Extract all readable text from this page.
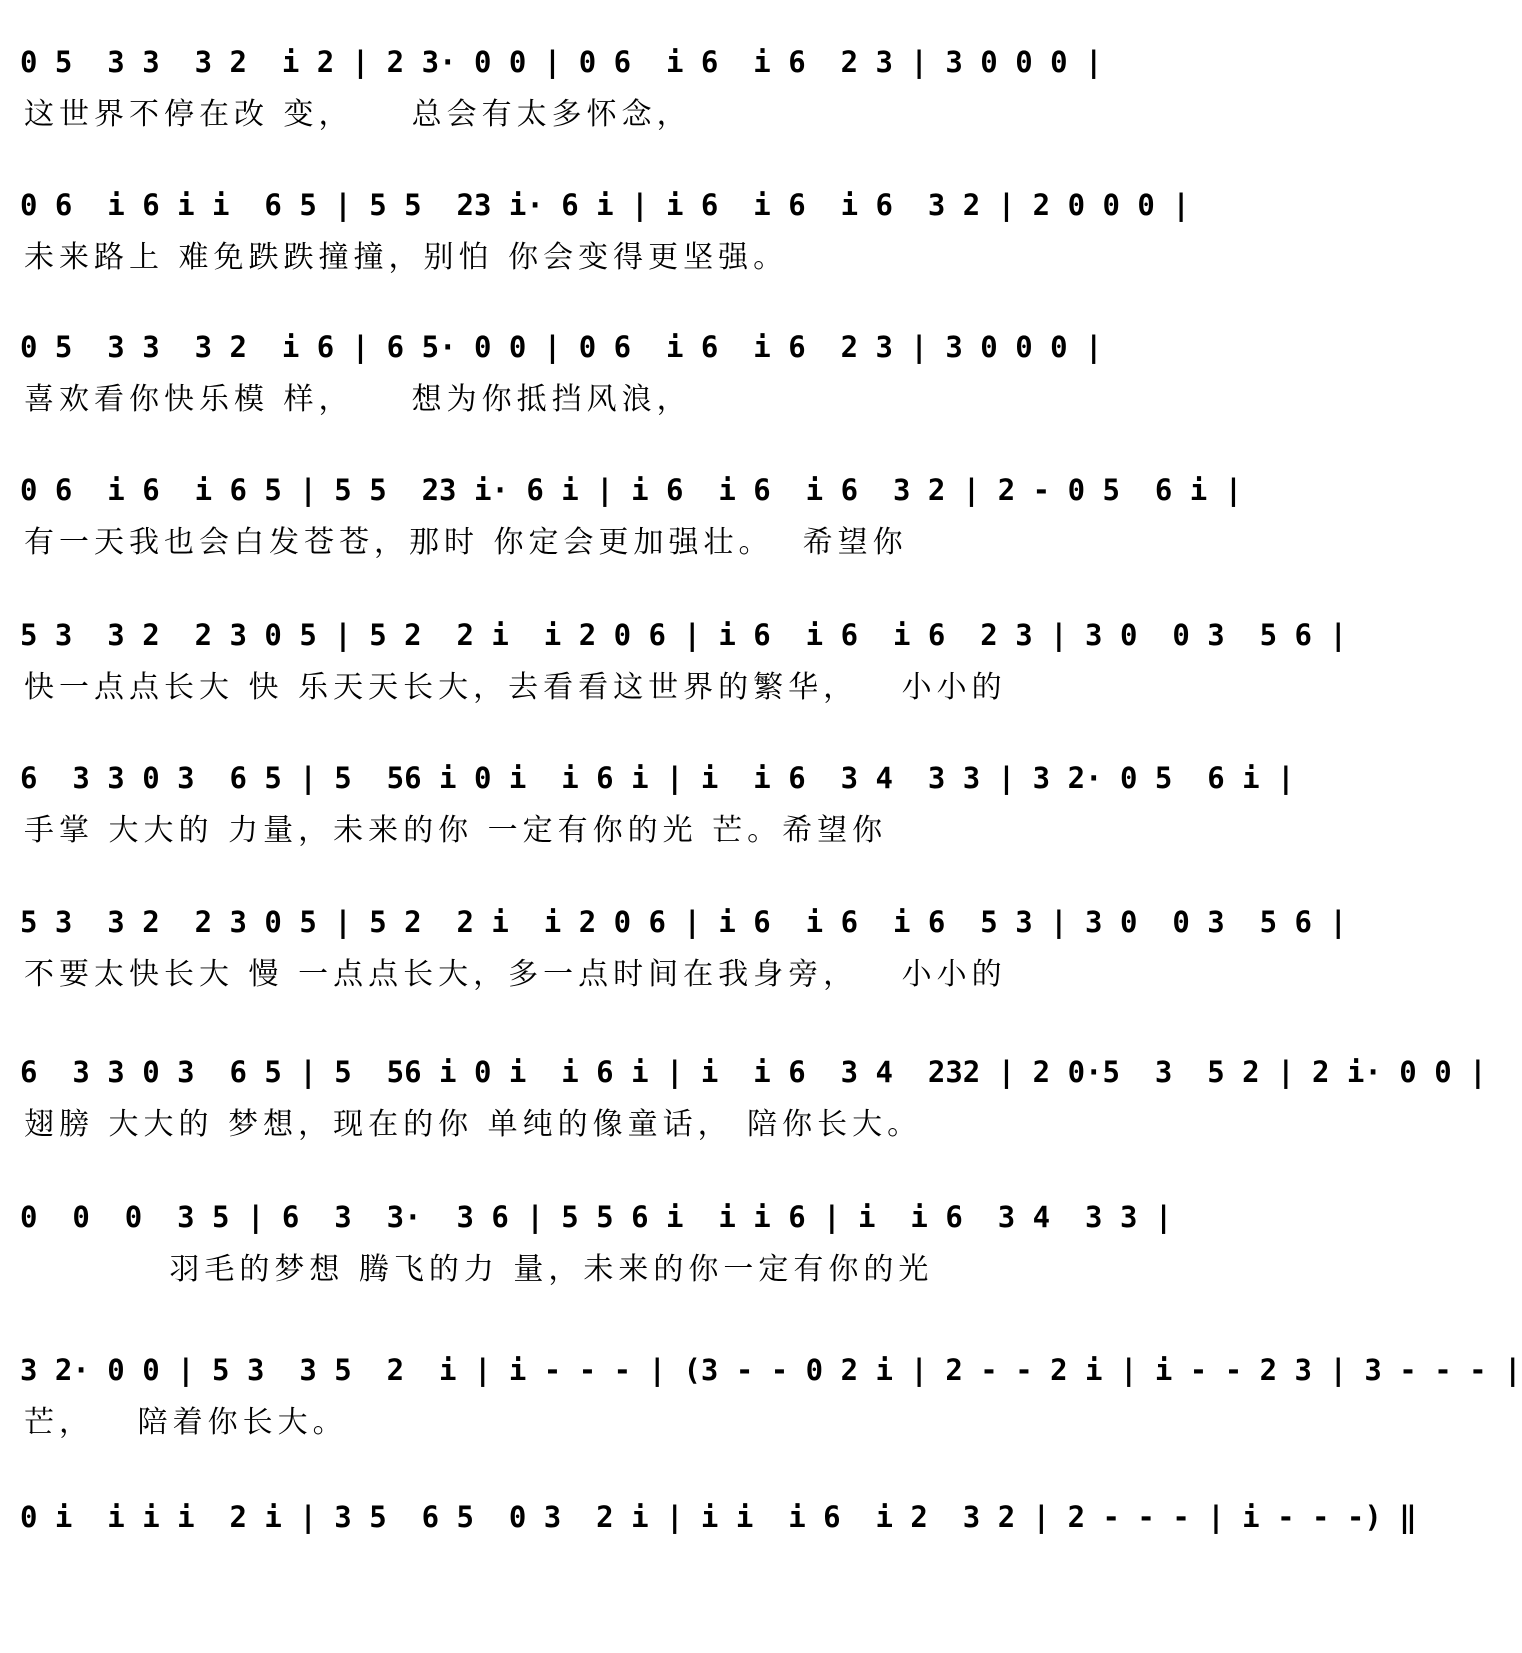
0 5  3 3  3 2  i 2 | 2 3· 0 0 | 0 6  i 6  i 6  2 3 | 3 0 0 0 |
这世界不停在改 变，    总会有太多怀念，
0 6  i 6 i i  6 5 | 5 5  23 i· 6 i | i 6  i 6  i 6  3 2 | 2 0 0 0 |
未来路上 难免跌跌撞撞，别怕 你会变得更坚强。
0 5  3 3  3 2  i 6 | 6 5· 0 0 | 0 6  i 6  i 6  2 3 | 3 0 0 0 |
喜欢看你快乐模 样，    想为你抵挡风浪，
0 6  i 6  i 6 5 | 5 5  23 i· 6 i | i 6  i 6  i 6  3 2 | 2 - 0 5  6 i |
有一天我也会白发苍苍，那时 你定会更加强壮。  希望你
5 3  3 2  2 3 0 5 | 5 2  2 i  i 2 0 6 | i 6  i 6  i 6  2 3 | 3 0  0 3  5 6 |
快一点点长大 快 乐天天长大，去看看这世界的繁华，   小小的
6  3 3 0 3  6 5 | 5  56 i 0 i  i 6 i | i  i 6  3 4  3 3 | 3 2· 0 5  6 i |
手掌 大大的 力量，未来的你 一定有你的光 芒。希望你
5 3  3 2  2 3 0 5 | 5 2  2 i  i 2 0 6 | i 6  i 6  i 6  5 3 | 3 0  0 3  5 6 |
不要太快长大 慢 一点点长大，多一点时间在我身旁，   小小的
6  3 3 0 3  6 5 | 5  56 i 0 i  i 6 i | i  i 6  3 4  232 | 2 0·5  3  5 2 | 2 i· 0 0 |
翅膀 大大的 梦想，现在的你 单纯的像童话， 陪你长大。
0  0  0  3 5 | 6  3  3·  3 6 | 5 5 6 i  i i 6 | i  i 6  3 4  3 3 |
羽毛的梦想 腾飞的力 量，未来的你一定有你的光
3 2· 0 0 | 5 3  3 5  2  i | i - - - | (3 - - 0 2 i | 2 - - 2 i | i - - 2 3 | 3 - - - |
芒，   陪着你长大。
0 i  i i i  2 i | 3 5  6 5  0 3  2 i | i i  i 6  i 2  3 2 | 2 - - - | i - - -) ‖
